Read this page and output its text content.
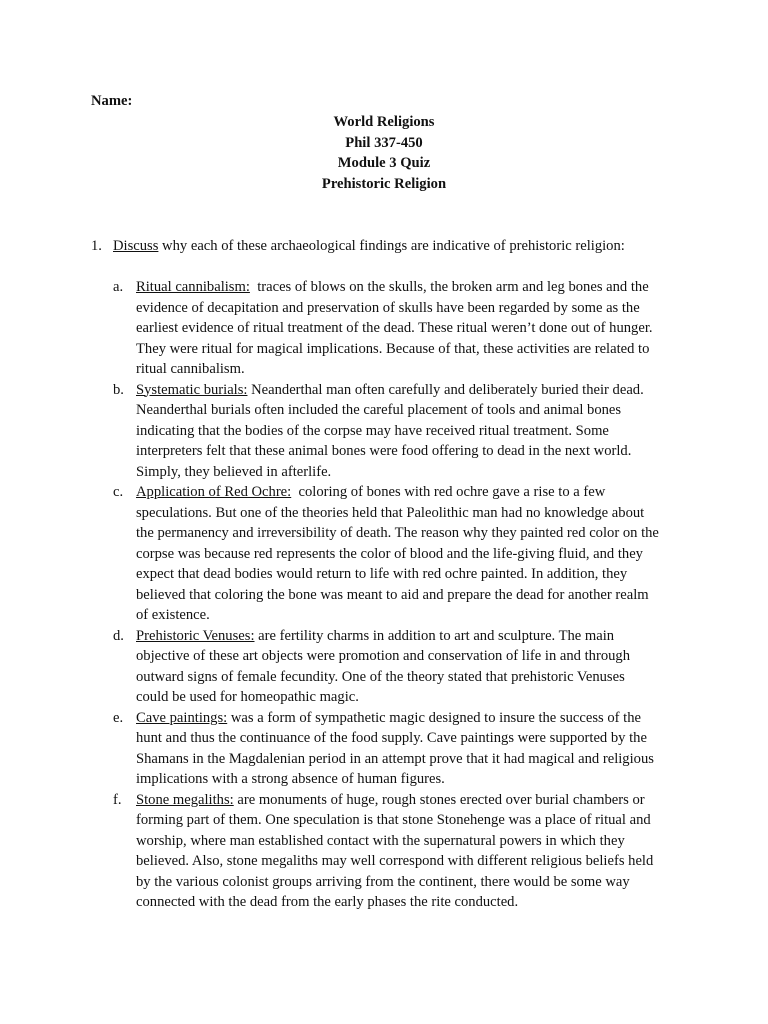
Name:
World Religions
Phil 337-450
Module 3 Quiz
Prehistoric Religion
1. Discuss why each of these archaeological findings are indicative of prehistoric religion:
a. Ritual cannibalism:  traces of blows on the skulls, the broken arm and leg bones and the
evidence of decapitation and preservation of skulls have been regarded by some as the
earliest evidence of ritual treatment of the dead. These ritual weren’t done out of hunger.
They were ritual for magical implications. Because of that, these activities are related to
ritual cannibalism.
b. Systematic burials: Neanderthal man often carefully and deliberately buried their dead.
Neanderthal burials often included the careful placement of tools and animal bones
indicating that the bodies of the corpse may have received ritual treatment. Some
interpreters felt that these animal bones were food offering to dead in the next world.
Simply, they believed in afterlife.
c. Application of Red Ochre:  coloring of bones with red ochre gave a rise to a few
speculations. But one of the theories held that Paleolithic man had no knowledge about
the permanency and irreversibility of death. The reason why they painted red color on the
corpse was because red represents the color of blood and the life-giving fluid, and they
expect that dead bodies would return to life with red ochre painted. In addition, they
believed that coloring the bone was meant to aid and prepare the dead for another realm
of existence.
d. Prehistoric Venuses: are fertility charms in addition to art and sculpture. The main
objective of these art objects were promotion and conservation of life in and through
outward signs of female fecundity. One of the theory stated that prehistoric Venuses
could be used for homeopathic magic.
e. Cave paintings: was a form of sympathetic magic designed to insure the success of the
hunt and thus the continuance of the food supply. Cave paintings were supported by the
Shamans in the Magdalenian period in an attempt prove that it had magical and religious
implications with a strong absence of human figures.
f. Stone megaliths: are monuments of huge, rough stones erected over burial chambers or
forming part of them. One speculation is that stone Stonehenge was a place of ritual and
worship, where man established contact with the supernatural powers in which they
believed. Also, stone megaliths may well correspond with different religious beliefs held
by the various colonist groups arriving from the continent, there would be some way
connected with the dead from the early phases the rite conducted.
